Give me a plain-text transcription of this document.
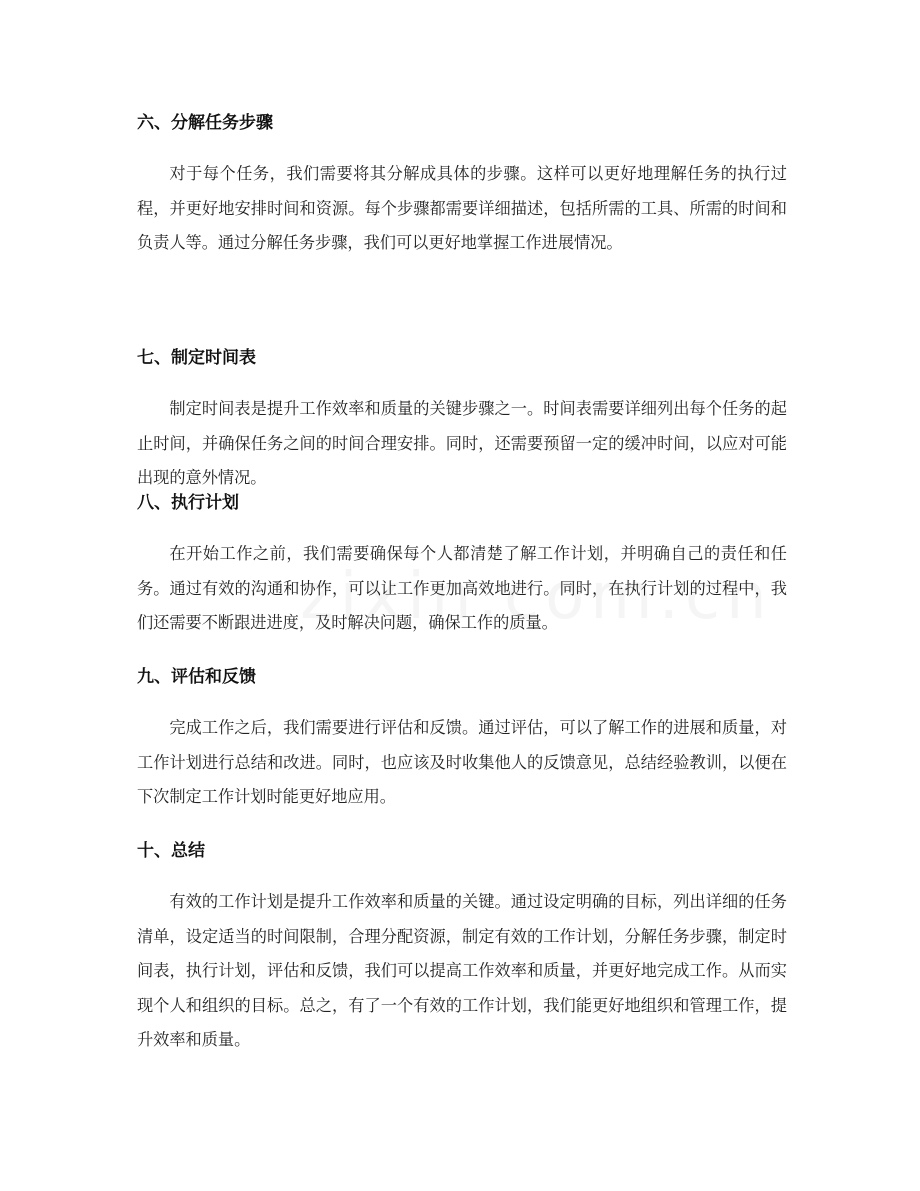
六、分解任务步骤

对于每个任务，我们需要将其分解成具体的步骤。这样可以更好地理解任务的执行过程，并更好地安排时间和资源。每个步骤都需要详细描述，包括所需的工具、所需的时间和负责人等。通过分解任务步骤，我们可以更好地掌握工作进展情况。

七、制定时间表

制定时间表是提升工作效率和质量的关键步骤之一。时间表需要详细列出每个任务的起止时间，并确保任务之间的时间合理安排。同时，还需要预留一定的缓冲时间，以应对可能出现的意外情况。

八、执行计划

在开始工作之前，我们需要确保每个人都清楚了解工作计划，并明确自己的责任和任务。通过有效的沟通和协作，可以让工作更加高效地进行。同时，在执行计划的过程中，我们还需要不断跟进进度，及时解决问题，确保工作的质量。

九、评估和反馈

完成工作之后，我们需要进行评估和反馈。通过评估，可以了解工作的进展和质量，对工作计划进行总结和改进。同时，也应该及时收集他人的反馈意见，总结经验教训，以便在下次制定工作计划时能更好地应用。

十、总结

有效的工作计划是提升工作效率和质量的关键。通过设定明确的目标，列出详细的任务清单，设定适当的时间限制，合理分配资源，制定有效的工作计划，分解任务步骤，制定时间表，执行计划，评估和反馈，我们可以提高工作效率和质量，并更好地完成工作。从而实现个人和组织的目标。总之，有了一个有效的工作计划，我们能更好地组织和管理工作，提升效率和质量。
